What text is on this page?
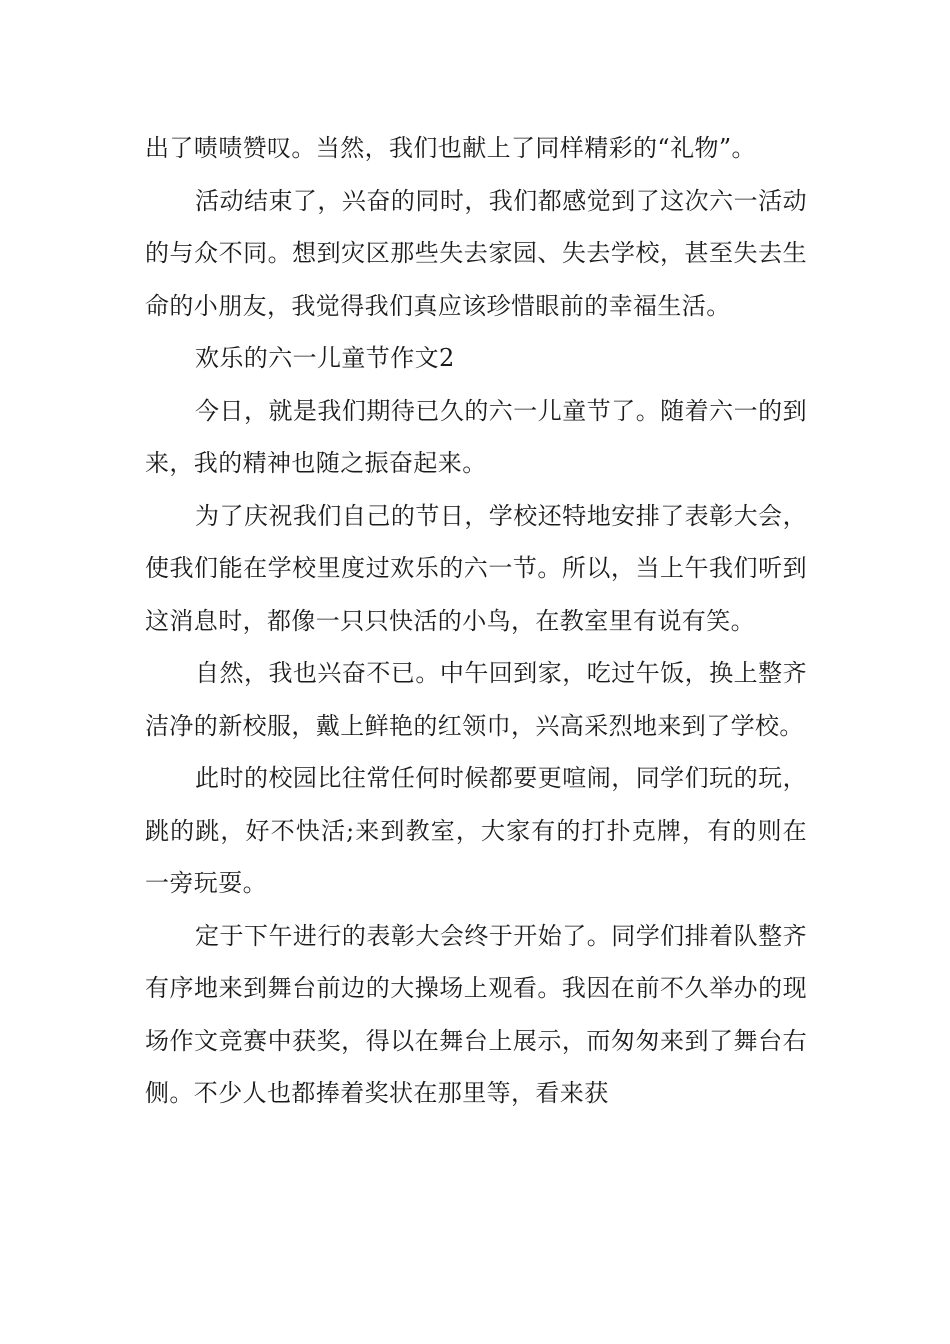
出了啧啧赞叹。当然，我们也献上了同样精彩的“礼物”。

活动结束了，兴奋的同时，我们都感觉到了这次六一活动的与众不同。想到灾区那些失去家园、失去学校，甚至失去生命的小朋友，我觉得我们真应该珍惜眼前的幸福生活。

欢乐的六一儿童节作文2

今日，就是我们期待已久的六一儿童节了。随着六一的到来，我的精神也随之振奋起来。

为了庆祝我们自己的节日，学校还特地安排了表彰大会，使我们能在学校里度过欢乐的六一节。所以，当上午我们听到这消息时，都像一只只快活的小鸟，在教室里有说有笑。

自然，我也兴奋不已。中午回到家，吃过午饭，换上整齐洁净的新校服，戴上鲜艳的红领巾，兴高采烈地来到了学校。

此时的校园比往常任何时候都要更喧闹，同学们玩的玩，跳的跳，好不快活;来到教室，大家有的打扑克牌，有的则在一旁玩耍。

定于下午进行的表彰大会终于开始了。同学们排着队整齐有序地来到舞台前边的大操场上观看。我因在前不久举办的现场作文竞赛中获奖，得以在舞台上展示，而匆匆来到了舞台右侧。不少人也都捧着奖状在那里等，看来获
